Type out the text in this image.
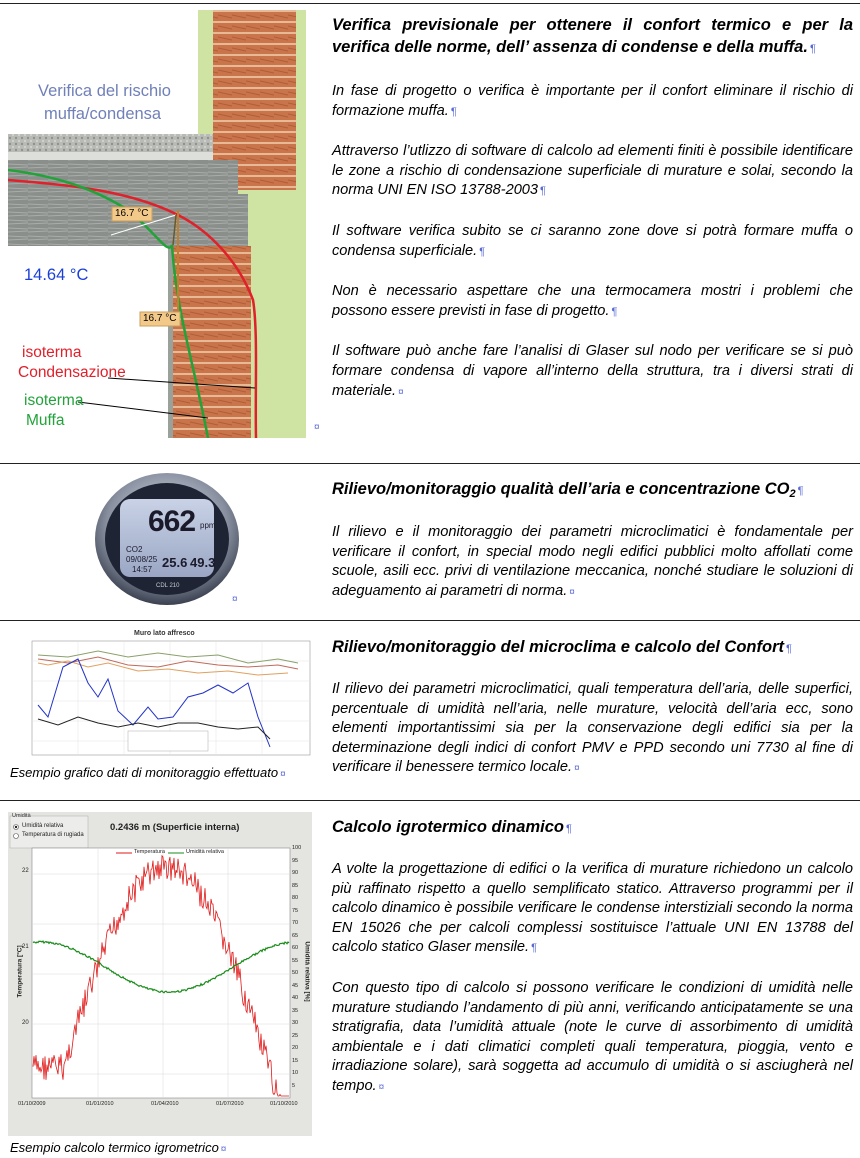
Verifica del rischio
muffa/condensa
16.7 °C
16.7 °C
14.64 °C
isoterma
Condensazione
isoterma
Muffa	¤

Verifica previsionale per ottenere il confort termico e per la verifica delle norme, dell’ assenza di condense e della muffa. ¶

In fase di progetto o verifica è importante per il confort eliminare il rischio di formazione muffa. ¶

Attraverso l’utlizzo di software di calcolo ad elementi finiti è possibile identificare le zone a rischio di condensazione superficiale di murature e solai, secondo la norma UNI EN ISO 13788-2003 ¶

Il software verifica subito se ci saranno zone dove si potrà formare muffa o condensa superficiale. ¶

Non è necessario aspettare che una termocamera mostri i problemi che possono essere previsti in fase di progetto. ¶

Il software può anche fare l’analisi di Glaser sul nodo per verificare se si può formare condensa di vapore all’interno della struttura, tra i diversi strati di materiale. ¤

662 ppm
CO2
09/08/25
14:57 25.6 49.3
CDL 210
¤

Rilievo/monitoraggio qualità dell’aria e concentrazione $CO_2$ ¶

Il rilievo e il monitoraggio dei parametri microclimatici è fondamentale per verificare il confort, in special modo negli edifici pubblici molto affollati come scuole, asili ecc. privi di ventilazione meccanica, nonché studiare le soluzioni di adeguamento ai parametri di norma. ¤

Muro lato affresco
Esempio grafico dati di monitoraggio effettuato ¤

Rilievo/monitoraggio del microclima e calcolo del Confort ¶

Il rilievo dei parametri microclimatici, quali temperatura dell’aria, delle superfici, percentuale di umidità nell’aria, nelle murature, velocità dell’aria ecc, sono elementi importantissimi sia per la conservazione degli edifici sia per la determinazione degli indici di confort PMV e PPD secondo uni 7730 al fine di verificare il benessere termico locale. ¤

Umidità
Umidità relativa
Temperatura di rugiada
0.2436 m (Superficie interna)
Temperatura	Umidità relativa
Temperatura [°C]	Umidità relativa [%]
22
21
20
100
95
90
85
80
75
70
65
60
55
50
45
40
35
30
25
20
15
10
5
01/10/2009	01/01/2010	01/04/2010	01/07/2010	01/10/2010
Esempio calcolo termico igrometrico ¤

Calcolo igrotermico dinamico ¶

A volte la progettazione di edifici o la verifica di murature richiedono un calcolo più raffinato rispetto a quello semplificato statico. Attraverso programmi per il calcolo dinamico è possibile verificare le condense interstiziali secondo la norma EN 15026 che per calcoli complessi sostituisce l’attuale UNI EN 13788 del calcolo statico Glaser mensile. ¶

Con questo tipo di calcolo si possono verificare le condizioni di umidità nelle murature studiando l’andamento di più anni, verificando anticipatamente se una stratigrafia, data l’umidità attuale (note le curve di assorbimento di umidità ambientale e i dati climatici completi quali temperatura, pioggia, vento e irradiazione solare), sarà soggetta ad accumulo di umidità o si asciugherà nel tempo. ¤
